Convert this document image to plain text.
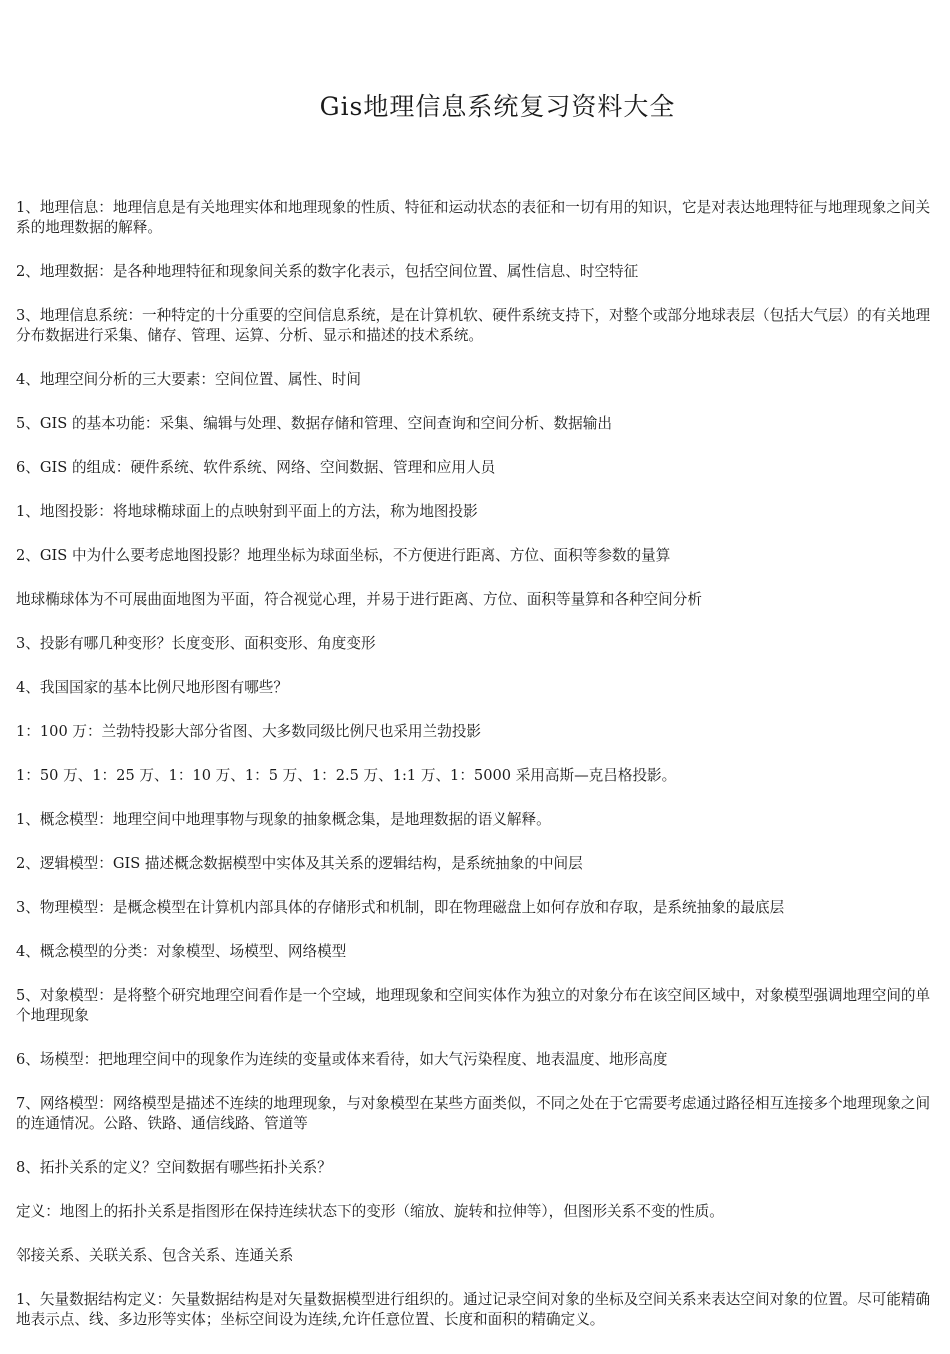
Gis地理信息系统复习资料大全

1、地理信息：地理信息是有关地理实体和地理现象的性质、特征和运动状态的表征和一切有用的知识，它是对表达地理特征与地理现象之间关系的地理数据的解释。

2、地理数据：是各种地理特征和现象间关系的数字化表示，包括空间位置、属性信息、时空特征

3、地理信息系统：一种特定的十分重要的空间信息系统，是在计算机软、硬件系统支持下，对整个或部分地球表层（包括大气层）的有关地理分布数据进行采集、储存、管理、运算、分析、显示和描述的技术系统。

4、地理空间分析的三大要素：空间位置、属性、时间

5、GIS 的基本功能：采集、编辑与处理、数据存储和管理、空间查询和空间分析、数据输出

6、GIS 的组成：硬件系统、软件系统、网络、空间数据、管理和应用人员

1、地图投影：将地球椭球面上的点映射到平面上的方法，称为地图投影

2、GIS 中为什么要考虑地图投影？地理坐标为球面坐标，不方便进行距离、方位、面积等参数的量算

地球椭球体为不可展曲面地图为平面，符合视觉心理，并易于进行距离、方位、面积等量算和各种空间分析

3、投影有哪几种变形？长度变形、面积变形、角度变形

4、我国国家的基本比例尺地形图有哪些？

1：100 万：兰勃特投影大部分省图、大多数同级比例尺也采用兰勃投影

1：50 万、1：25 万、1：10 万、1：5 万、1：2.5 万、1:1 万、1：5000 采用高斯—克吕格投影。

1、概念模型：地理空间中地理事物与现象的抽象概念集，是地理数据的语义解释。

2、逻辑模型：GIS 描述概念数据模型中实体及其关系的逻辑结构，是系统抽象的中间层

3、物理模型：是概念模型在计算机内部具体的存储形式和机制，即在物理磁盘上如何存放和存取，是系统抽象的最底层

4、概念模型的分类：对象模型、场模型、网络模型

5、对象模型：是将整个研究地理空间看作是一个空域，地理现象和空间实体作为独立的对象分布在该空间区域中，对象模型强调地理空间的单个地理现象

6、场模型：把地理空间中的现象作为连续的变量或体来看待，如大气污染程度、地表温度、地形高度

7、网络模型：网络模型是描述不连续的地理现象，与对象模型在某些方面类似，不同之处在于它需要考虑通过路径相互连接多个地理现象之间的连通情况。公路、铁路、通信线路、管道等

8、拓扑关系的定义？空间数据有哪些拓扑关系？

定义：地图上的拓扑关系是指图形在保持连续状态下的变形（缩放、旋转和拉伸等），但图形关系不变的性质。

邻接关系、关联关系、包含关系、连通关系

1、矢量数据结构定义：矢量数据结构是对矢量数据模型进行组织的。通过记录空间对象的坐标及空间关系来表达空间对象的位置。尽可能精确地表示点、线、多边形等实体；坐标空间设为连续,允许任意位置、长度和面积的精确定义。
